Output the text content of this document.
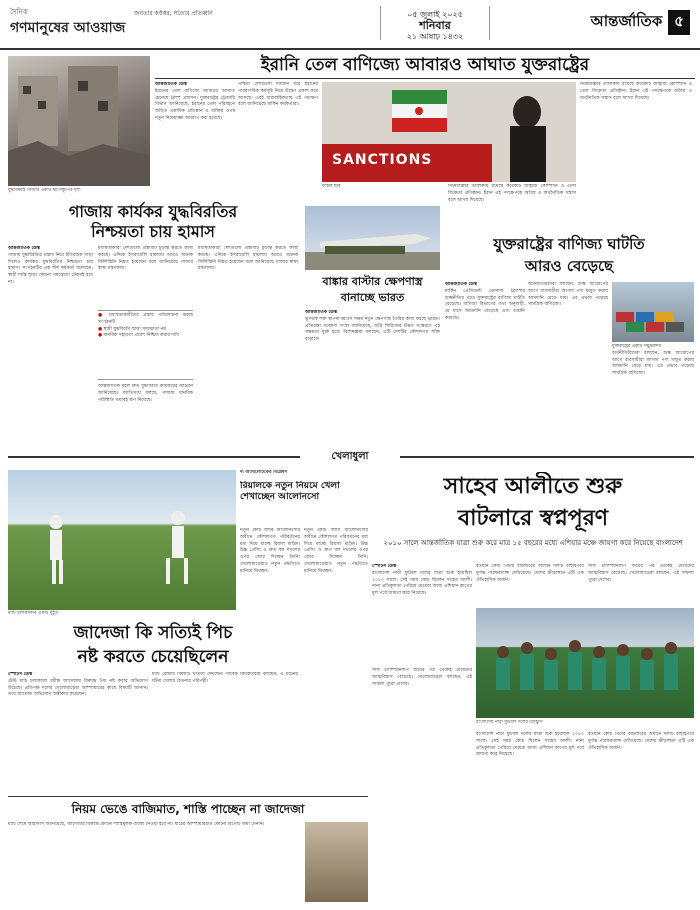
দৈনিক
গণমানুষের আওয়াজ
জনতার কণ্ঠস্বর, সত্যের প্রতিধ্বনি	০৫ জুলাই ২০২৫
শনিবার
২১ আষাঢ় ১৪৩২
আন্তর্জাতিক ৫
যুদ্ধবিধ্বস্ত গাজার একটি ধ্বংসস্তূপের দৃশ্য
ইরানি তেল বাণিজ্যে আবারও আঘাত যুক্তরাষ্ট্রের
আন্তর্জাতিক ডেস্ক
ইরানের তেল বাণিজ্যে আবারও আঘাত হেনেছে ট্রাম্প প্রশাসন। যুক্তরাষ্ট্রের ট্রেজারি বিভাগ জানিয়েছে, ইরানের তেল পরিবহনে জড়িত একাধিক প্রতিষ্ঠান ও ব্যক্তির ওপর নতুন নিষেধাজ্ঞা আরোপ করা হয়েছে।
পশ্চিমা দেশগুলো দীর্ঘদিন ধরে ইরানের পারমাণবিক কর্মসূচি নিয়ে উদ্বেগ প্রকাশ করে আসছে। এরই ধারাবাহিকতায় এই পদক্ষেপ বলে জানিয়েছে মার্কিন কর্মকর্তারা।
SANCTIONS
ফাইল ছবি
নিষেধাজ্ঞার তালিকায় রয়েছে কয়েকটি জাহাজ কোম্পানি ও তেল বিক্রেতা প্রতিষ্ঠান। ইরান এই পদক্ষেপকে অবৈধ ও অর্থনৈতিক সন্ত্রাস বলে আখ্যা দিয়েছে।
নিষেধাজ্ঞার তালিকায় রয়েছে কয়েকটি জাহাজ কোম্পানি ও তেল বিক্রেতা প্রতিষ্ঠান। ইরান এই পদক্ষেপকে অবৈধ ও অর্থনৈতিক সন্ত্রাস বলে আখ্যা দিয়েছে।
গাজায় কার্যকর যুদ্ধবিরতির
নিশ্চয়তা চায় হামাস
আন্তর্জাতিক ডেস্ক
গাজায় যুদ্ধবিরতির প্রস্তাব নিয়ে ইতিবাচক সাড়া দিলেও কার্যকর যুদ্ধবিরতির নিশ্চয়তা চায় হামাস। সংগঠনটির এক শীর্ষ কর্মকর্তা বলেছেন, স্থায়ী শান্তি ছাড়া কোনো সমঝোতা টেকসই হবে না।
মধ্যস্থতাকারী দেশগুলো প্রস্তাবটি চূড়ান্ত করতে কাজ করছে। এদিকে ইসরায়েলি হামলায় আরও অনেক ফিলিস্তিনি নিহত হয়েছেন বলে জানিয়েছে গাজার স্বাস্থ্য মন্ত্রণালয়।
● মধ্যস্থতাকারীদের প্রস্তাব পর্যালোচনা করছে সংগঠনটি
● স্থায়ী যুদ্ধবিরতি ছাড়া সমঝোতা নয়
● মানবিক সহায়তা প্রবেশ নিশ্চিত করার দাবি
আন্তর্জাতিক মহল দ্রুত যুদ্ধবিরতি কার্যকরের আহ্বান জানিয়েছে। জাতিসংঘ বলছে, গাজায় মানবিক পরিস্থিতি ভয়াবহ রূপ নিয়েছে।
মধ্যস্থতাকারী দেশগুলো প্রস্তাবটি চূড়ান্ত করতে কাজ করছে। এদিকে ইসরায়েলি হামলায় আরও অনেক ফিলিস্তিনি নিহত হয়েছেন বলে জানিয়েছে গাজার স্বাস্থ্য মন্ত্রণালয়।
বাঙ্কার বাস্টার ক্ষেপণাস্ত্র
বানাচ্ছে ভারত
আন্তর্জাতিক ডেস্ক
ভূগর্ভস্থ শক্ত স্থাপনা ধ্বংসে সক্ষম নতুন ক্ষেপণাস্ত্র তৈরির কাজ করছে ভারত। প্রতিরক্ষা গবেষণা সংস্থা জানিয়েছে, অগ্নি সিরিজের উন্নত সংস্করণে এই সক্ষমতা যুক্ত হবে। বিশেষজ্ঞরা বলছেন, এটি দেশটির কৌশলগত শক্তি বাড়াবে।
যুক্তরাষ্ট্রের বাণিজ্য ঘাটতি
আরও বেড়েছে
আন্তর্জাতিক ডেস্ক
মার্কিন প্রেসিডেন্ট ডোনাল্ড ট্রাম্পের শুল্কনীতির পরও যুক্তরাষ্ট্রের বাণিজ্য ঘাটতি বেড়েছে। বাণিজ্য বিভাগের তথ্য অনুযায়ী, মে মাসে আমদানি বেড়েছে এবং রপ্তানি কমেছে।
অর্থনীতিবিদেরা বলছেন, শুল্ক আরোপের আগে ব্যবসায়ীরা আগাম পণ্য মজুত করায় আমদানি বেড়ে যায়। এর প্রভাব পড়েছে সামগ্রিক বাণিজ্যে।
যুক্তরাষ্ট্রের একটি সমুদ্রবন্দর
অর্থনীতিবিদেরা বলছেন, শুল্ক আরোপের আগে ব্যবসায়ীরা আগাম পণ্য মজুত করায় আমদানি বেড়ে যায়। এর প্রভাব পড়েছে সামগ্রিক বাণিজ্যে।
খেলাধুলা
ম্যাচ চলাকালীন একটি মুহূর্ত
জাদেজা কি সত্যিই পিচ
নষ্ট করতে চেয়েছিলেন
স্পোর্টস ডেস্ক
টেস্ট ম্যাচ চলাকালে রবীন্দ্র জাদেজার বিরুদ্ধে পিচ নষ্ট করার অভিযোগ উঠেছে। প্রতিপক্ষ দলের খেলোয়াড়েরা আম্পায়ারের কাছে বিষয়টি জানান। তবে জাদেজা অভিযোগ অস্বীকার করেছেন।
ম্যাচ রেফারি বিষয়টি খতিয়ে দেখছেন। সাবেক ক্রিকেটাররা বলছেন, এ ধরনের ঘটনা খেলার চেতনার পরিপন্থী।
নিয়ম ভেঙে বাজিমাত, শাস্তি পাচ্ছেন না জাদেজা
ম্যাচ শেষে আইসিসি জানিয়েছে, জাদেজার বিরুদ্ধে কোনো শাস্তিমূলক ব্যবস্থা নেওয়া হবে না। মাঠের আম্পায়াররাও কোনো রিপোর্ট জমা দেননি।
দ্য অ্যাথলেটিকের বিশ্লেষণ
রিয়ালকে নতুন নিয়মে খেলা শেখাচ্ছেন আলোনসো
নতুন কোচ জাবি আলোনসোর অধীনে কৌশলগত পরিবর্তনের মধ্য দিয়ে যাচ্ছে রিয়াল মাদ্রিদ। উচ্চ প্রেসিং ও দ্রুত বল দখলের ওপর জোর দিচ্ছেন তিনি। খেলোয়াড়েরাও নতুন পদ্ধতিতে মানিয়ে নিচ্ছেন।
নতুন কোচ জাবি আলোনসোর অধীনে কৌশলগত পরিবর্তনের মধ্য দিয়ে যাচ্ছে রিয়াল মাদ্রিদ। উচ্চ প্রেসিং ও দ্রুত বল দখলের ওপর জোর দিচ্ছেন তিনি। খেলোয়াড়েরাও নতুন পদ্ধতিতে মানিয়ে নিচ্ছেন।
সাহেব আলীতে শুরু
বাটলারে স্বপ্নপূরণ
২০১০ সালে আন্তর্জাতিক যাত্রা শুরু করে মাত্র ১৫ বছরের মধ্যে এশিয়ার মঞ্চে জায়গা করে নিয়েছে বাংলাদেশ
স্পোর্টস ডেস্ক
বাংলাদেশ নারী ফুটবল দলের যাত্রা শুরু হয়েছিল ২০১০ সালে। সেই সময় কোচ ছিলেন সাহেব আলী। নানা প্রতিকূলতা পেরিয়ে মেয়েরা আজ এশিয়ান কাপের মূল পর্বে জায়গা করে নিয়েছে।
বর্তমান কোচ পিটার বাটলারের অধীনে দলটি বাছাইপর্বে দুর্দান্ত পারফরম্যান্স দেখিয়েছে। দেশের ক্রীড়াঙ্গনে এটি এক ঐতিহাসিক অর্জন।
সাফ চ্যাম্পিয়নশিপ জয়ের পর থেকেই মেয়েদের আত্মবিশ্বাস বেড়েছে। খেলোয়াড়েরা বলছেন, এই সাফল্য পুরো দেশের।
বাংলাদেশ নারী ফুটবল দলের উচ্ছ্বাস
সাফ চ্যাম্পিয়নশিপ জয়ের পর থেকেই মেয়েদের আত্মবিশ্বাস বেড়েছে। খেলোয়াড়েরা বলছেন, এই সাফল্য পুরো দেশের।
বাংলাদেশ নারী ফুটবল দলের যাত্রা শুরু হয়েছিল ২০১০ সালে। সেই সময় কোচ ছিলেন সাহেব আলী। নানা প্রতিকূলতা পেরিয়ে মেয়েরা আজ এশিয়ান কাপের মূল পর্বে জায়গা করে নিয়েছে।
বর্তমান কোচ পিটার বাটলারের অধীনে দলটি বাছাইপর্বে দুর্দান্ত পারফরম্যান্স দেখিয়েছে। দেশের ক্রীড়াঙ্গনে এটি এক ঐতিহাসিক অর্জন।
